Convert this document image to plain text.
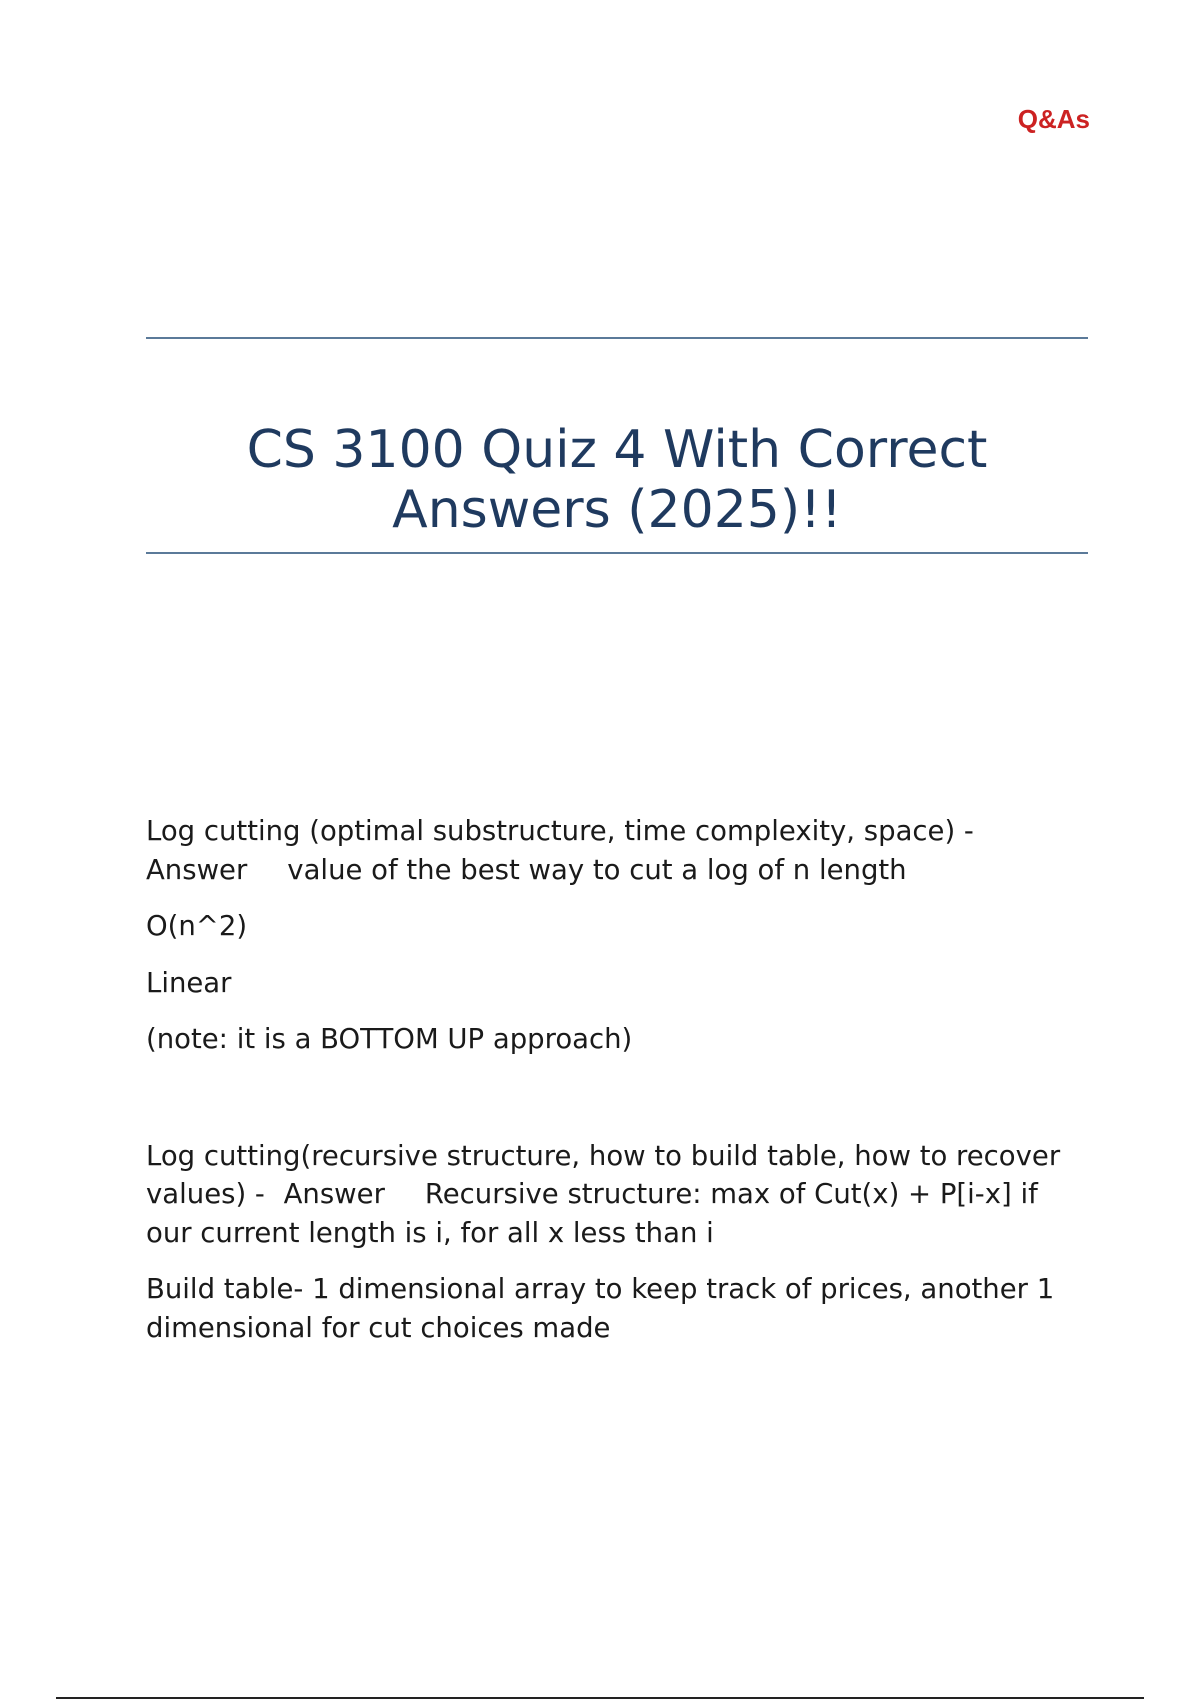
Q&As
CS 3100 Quiz 4 With Correct
Answers (2025)!!

Log cutting (optimal substructure, time complexity, space) -
Answer value of the best way to cut a log of n length

O(n^2)

Linear

(note: it is a BOTTOM UP approach)

Log cutting(recursive structure, how to build table, how to recover values) - Answer Recursive structure: max of Cut(x) + P[i-x] if our current length is i, for all x less than i

Build table- 1 dimensional array to keep track of prices, another 1 dimensional for cut choices made
